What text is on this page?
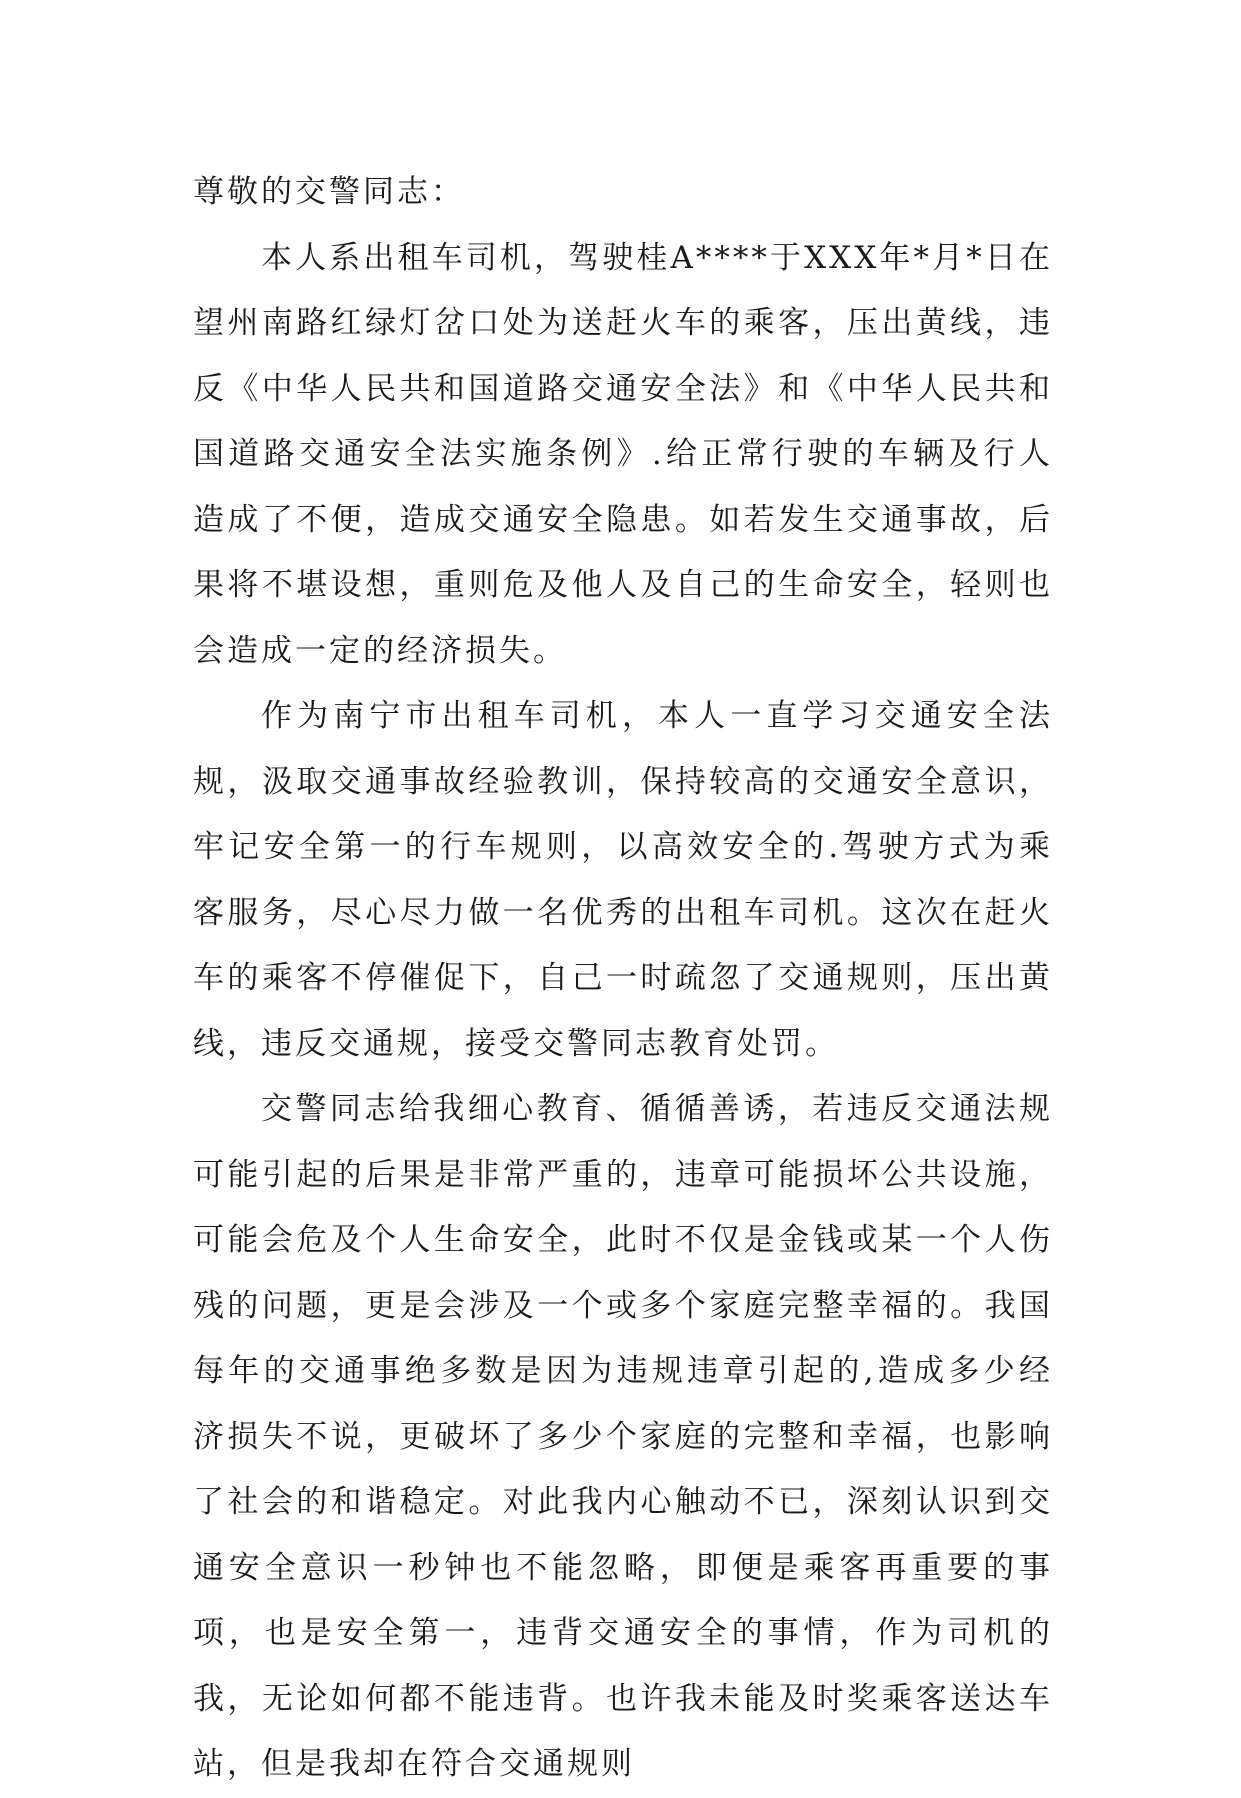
尊敬的交警同志：

本人系出租车司机，驾驶桂A****于XXX年*月*日在望州南路红绿灯岔口处为送赶火车的乘客，压出黄线，违反《中华人民共和国道路交通安全法》和《中华人民共和国道路交通安全法实施条例》.给正常行驶的车辆及行人造成了不便，造成交通安全隐患。如若发生交通事故，后果将不堪设想，重则危及他人及自己的生命安全，轻则也会造成一定的经济损失。

作为南宁市出租车司机，本人一直学习交通安全法规，汲取交通事故经验教训，保持较高的交通安全意识，牢记安全第一的行车规则，以高效安全的.驾驶方式为乘客服务，尽心尽力做一名优秀的出租车司机。这次在赶火车的乘客不停催促下，自己一时疏忽了交通规则，压出黄线，违反交通规，接受交警同志教育处罚。

交警同志给我细心教育、循循善诱，若违反交通法规可能引起的后果是非常严重的，违章可能损坏公共设施，可能会危及个人生命安全，此时不仅是金钱或某一个人伤残的问题，更是会涉及一个或多个家庭完整幸福的。我国每年的交通事绝多数是因为违规违章引起的,造成多少经济损失不说，更破坏了多少个家庭的完整和幸福，也影响了社会的和谐稳定。对此我内心触动不已，深刻认识到交通安全意识一秒钟也不能忽略，即便是乘客再重要的事项，也是安全第一，违背交通安全的事情，作为司机的我，无论如何都不能违背。也许我未能及时奖乘客送达车站，但是我却在符合交通规则
